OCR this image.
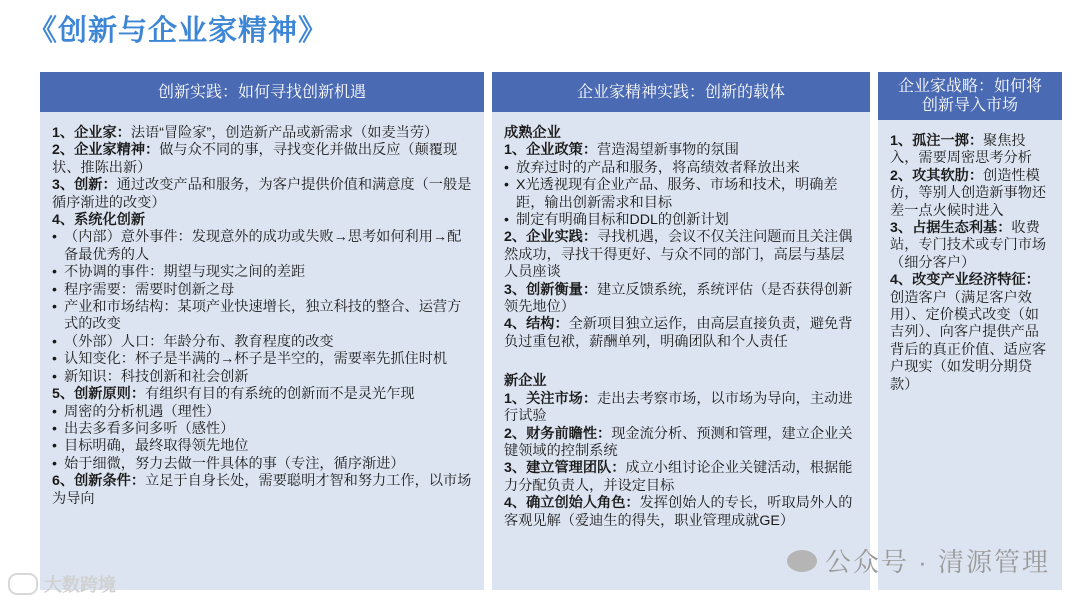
《创新与企业家精神》
创新实践：如何寻找创新机遇
1、企业家：法语“冒险家”，创造新产品或新需求（如麦当劳）
2、企业家精神：做与众不同的事，寻找变化并做出反应（颠覆现状、推陈出新）
3、创新：通过改变产品和服务，为客户提供价值和满意度（一般是循序渐进的改变）
4、系统化创新
• （内部）意外事件：发现意外的成功或失败→思考如何利用→配备最优秀的人
• 不协调的事件：期望与现实之间的差距
• 程序需要：需要时创新之母
• 产业和市场结构：某项产业快速增长，独立科技的整合、运营方式的改变
• （外部）人口：年龄分布、教育程度的改变
• 认知变化：杯子是半满的→杯子是半空的，需要率先抓住时机
• 新知识：科技创新和社会创新
5、创新原则：有组织有目的有系统的创新而不是灵光乍现
• 周密的分析机遇（理性）
• 出去多看多问多听（感性）
• 目标明确，最终取得领先地位
• 始于细微，努力去做一件具体的事（专注，循序渐进）
6、创新条件：立足于自身长处，需要聪明才智和努力工作，以市场为导向
企业家精神实践：创新的载体
成熟企业
1、企业政策：营造渴望新事物的氛围
• 放弃过时的产品和服务，将高绩效者释放出来
• X光透视现有企业产品、服务、市场和技术，明确差距，输出创新需求和目标
• 制定有明确目标和DDL的创新计划
2、企业实践：寻找机遇，会议不仅关注问题而且关注偶然成功，寻找干得更好、与众不同的部门，高层与基层人员座谈
3、创新衡量：建立反馈系统，系统评估（是否获得创新领先地位）
4、结构：全新项目独立运作，由高层直接负责，避免背负过重包袱，薪酬单列，明确团队和个人责任
新企业
1、关注市场：走出去考察市场，以市场为导向，主动进行试验
2、财务前瞻性：现金流分析、预测和管理，建立企业关键领域的控制系统
3、建立管理团队：成立小组讨论企业关键活动，根据能力分配负责人，并设定目标
4、确立创始人角色：发挥创始人的专长，听取局外人的客观见解（爱迪生的得失，职业管理成就GE）
企业家战略：如何将创新导入市场
1、孤注一掷：聚焦投入，需要周密思考分析
2、攻其软肋：创造性模仿，等别人创造新事物还差一点火候时进入
3、占据生态利基：收费站，专门技术或专门市场（细分客户）
4、改变产业经济特征：创造客户（满足客户效用）、定价模式改变（如吉列）、向客户提供产品背后的真正价值、适应客户现实（如发明分期贷款）
公众号 · 清源管理
大数跨境
